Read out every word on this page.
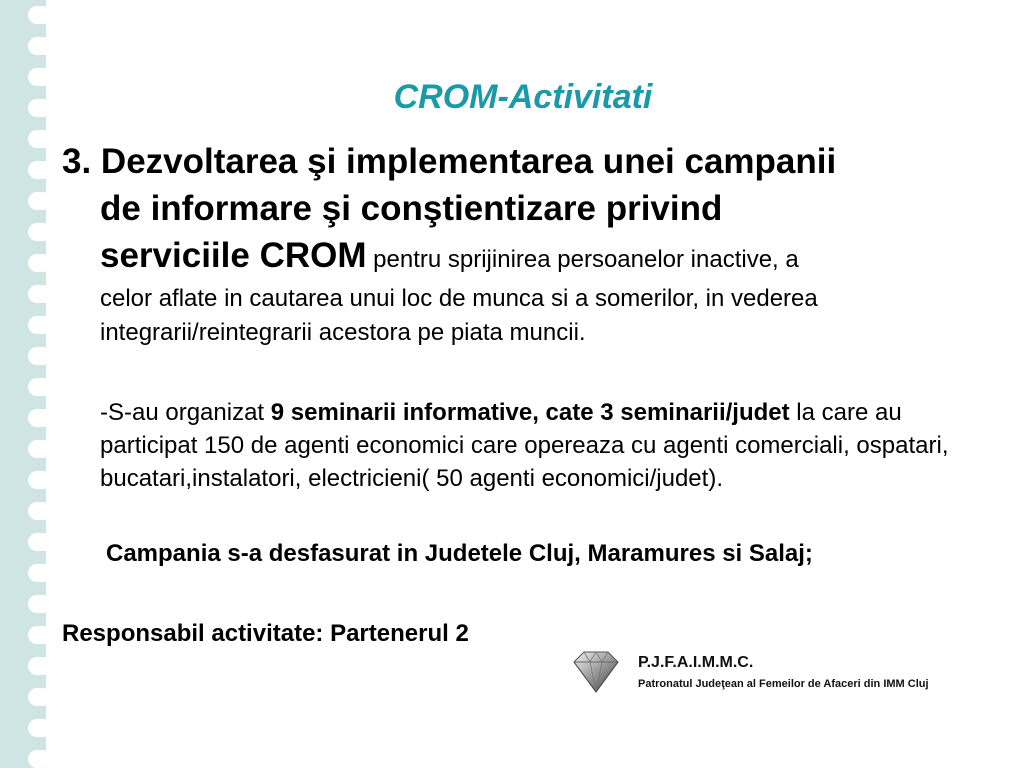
CROM-Activitati

3. Dezvoltarea şi implementarea unei campanii
de informare şi conştientizare privind
serviciile CROM pentru sprijinirea persoanelor inactive, a

celor aflate in cautarea unui loc de munca si a somerilor, in vederea
integrarii/reintegrarii acestora pe piata muncii.

-S-au organizat 9 seminarii informative, cate 3 seminarii/judet la care au participat 150 de agenti economici care opereaza cu agenti comerciali, ospatari, bucatari,instalatori, electricieni( 50 agenti economici/judet).

Campania s-a desfasurat in Judetele Cluj, Maramures si Salaj;

Responsabil activitate: Partenerul 2

P.J.F.A.I.M.M.C.
Patronatul Judeţean al Femeilor de Afaceri din IMM Cluj
